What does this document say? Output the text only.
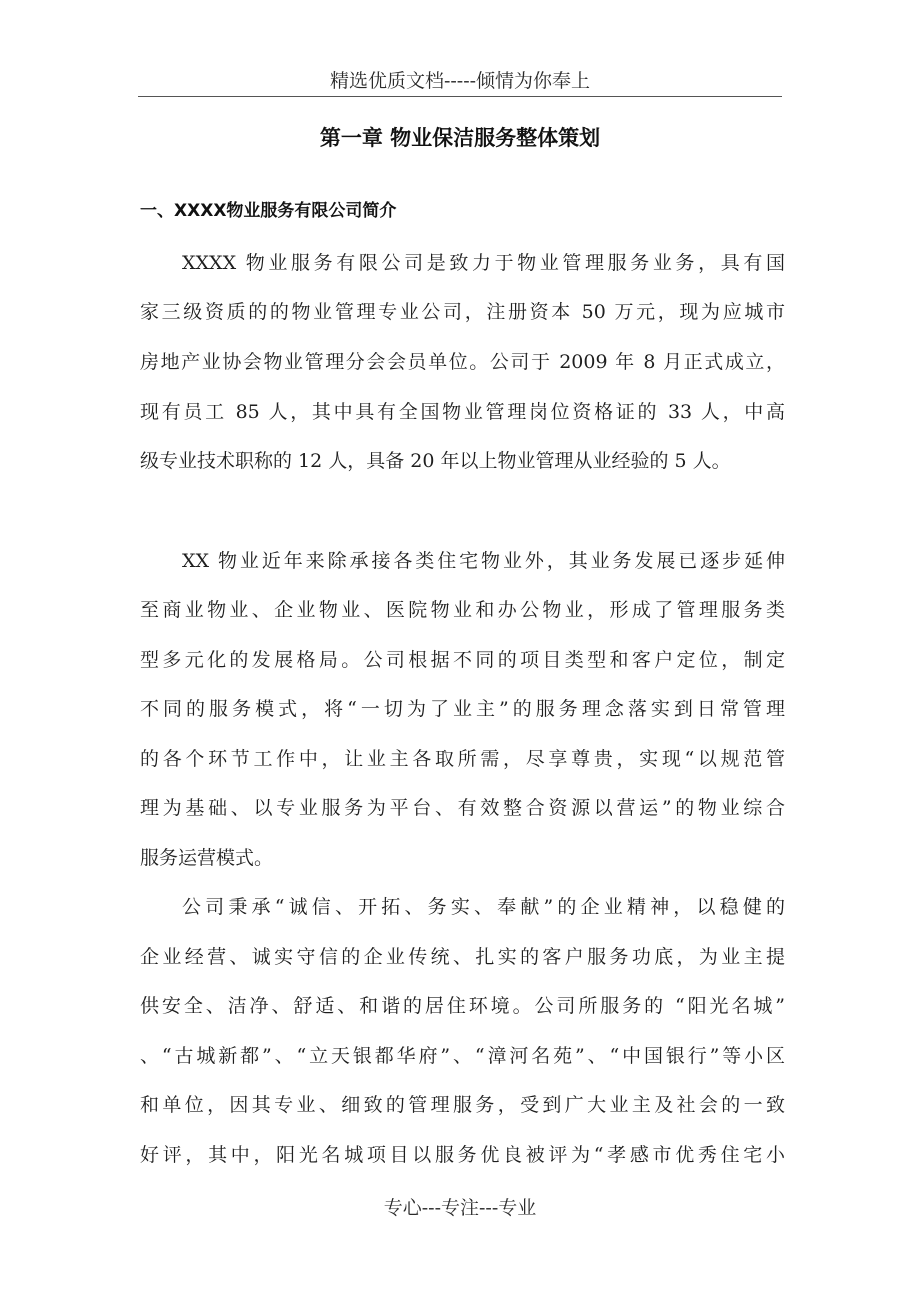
精选优质文档-----倾情为你奉上
第一章 物业保洁服务整体策划
一、XXXX物业服务有限公司简介
XXXX 物业服务有限公司是致力于物业管理服务业务，具有国
家三级资质的的物业管理专业公司，注册资本 50 万元，现为应城市
房地产业协会物业管理分会会员单位。公司于 2009 年 8 月正式成立，
现有员工 85 人，其中具有全国物业管理岗位资格证的 33 人，中高
级专业技术职称的 12 人，具备 20 年以上物业管理从业经验的 5 人。
XX 物业近年来除承接各类住宅物业外，其业务发展已逐步延伸
至商业物业、企业物业、医院物业和办公物业，形成了管理服务类
型多元化的发展格局。公司根据不同的项目类型和客户定位，制定
不同的服务模式，将“一切为了业主”的服务理念落实到日常管理
的各个环节工作中，让业主各取所需，尽享尊贵，实现“以规范管
理为基础、以专业服务为平台、有效整合资源以营运”的物业综合
服务运营模式。
公司秉承“诚信、开拓、务实、奉献”的企业精神，以稳健的
企业经营、诚实守信的企业传统、扎实的客户服务功底，为业主提
供安全、洁净、舒适、和谐的居住环境。公司所服务的 “阳光名城”
、“古城新都”、“立天银都华府”、“漳河名苑”、“中国银行”等小区
和单位，因其专业、细致的管理服务，受到广大业主及社会的一致
好评，其中，阳光名城项目以服务优良被评为“孝感市优秀住宅小
专心---专注---专业
